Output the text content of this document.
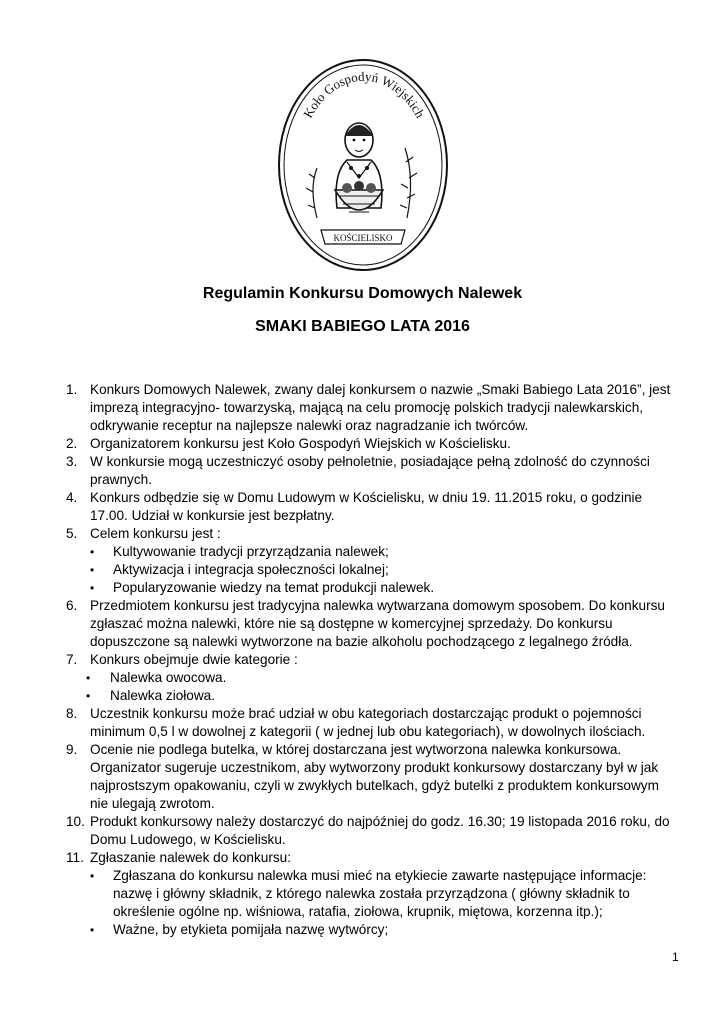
Koło Gospodyń Wiejskich
KOŚCIELISKO
Regulamin Konkursu Domowych Nalewek
SMAKI BABIEGO LATA 2016
1. Konkurs Domowych Nalewek, zwany dalej konkursem o nazwie „Smaki Babiego Lata 2016”, jest imprezą integracyjno- towarzyską, mającą na celu promocję polskich tradycji nalewkarskich, odkrywanie receptur na najlepsze nalewki oraz nagradzanie ich twórców.
2. Organizatorem konkursu jest Koło Gospodyń Wiejskich w Kościelisku.
3. W konkursie mogą uczestniczyć osoby pełnoletnie, posiadające pełną zdolność do czynności prawnych.
4. Konkurs odbędzie się w Domu Ludowym w Kościelisku, w dniu 19. 11.2015 roku, o godzinie 17.00. Udział w konkursie jest bezpłatny.
5. Celem konkursu jest :
• Kultywowanie tradycji przyrządzania nalewek;
• Aktywizacja i integracja społeczności lokalnej;
• Popularyzowanie wiedzy na temat produkcji nalewek.
6. Przedmiotem konkursu jest tradycyjna nalewka wytwarzana domowym sposobem. Do konkursu zgłaszać można nalewki, które nie są dostępne w komercyjnej sprzedaży. Do konkursu dopuszczone są nalewki wytworzone na bazie alkoholu pochodzącego z legalnego źródła.
7. Konkurs obejmuje dwie kategorie :
• Nalewka owocowa.
• Nalewka ziołowa.
8. Uczestnik konkursu może brać udział w obu kategoriach dostarczając produkt o pojemności minimum 0,5 l w dowolnej z kategorii ( w jednej lub obu kategoriach), w dowolnych ilościach.
9. Ocenie nie podlega butelka, w której dostarczana jest wytworzona nalewka konkursowa. Organizator sugeruje uczestnikom, aby wytworzony produkt konkursowy dostarczany był w jak najprostszym opakowaniu, czyli w zwykłych butelkach, gdyż butelki z produktem konkursowym nie ulegają zwrotom.
10. Produkt konkursowy należy dostarczyć do najpóźniej do godz. 16.30; 19 listopada 2016 roku, do Domu Ludowego, w Kościelisku.
11. Zgłaszanie nalewek do konkursu:
• Zgłaszana do konkursu nalewka musi mieć na etykiecie zawarte następujące informacje: nazwę i główny składnik, z którego nalewka została przyrządzona ( główny składnik to określenie ogólne np. wiśniowa, ratafia, ziołowa, krupnik, miętowa, korzenna itp.);
• Ważne, by etykieta pomijała nazwę wytwórcy;
1
